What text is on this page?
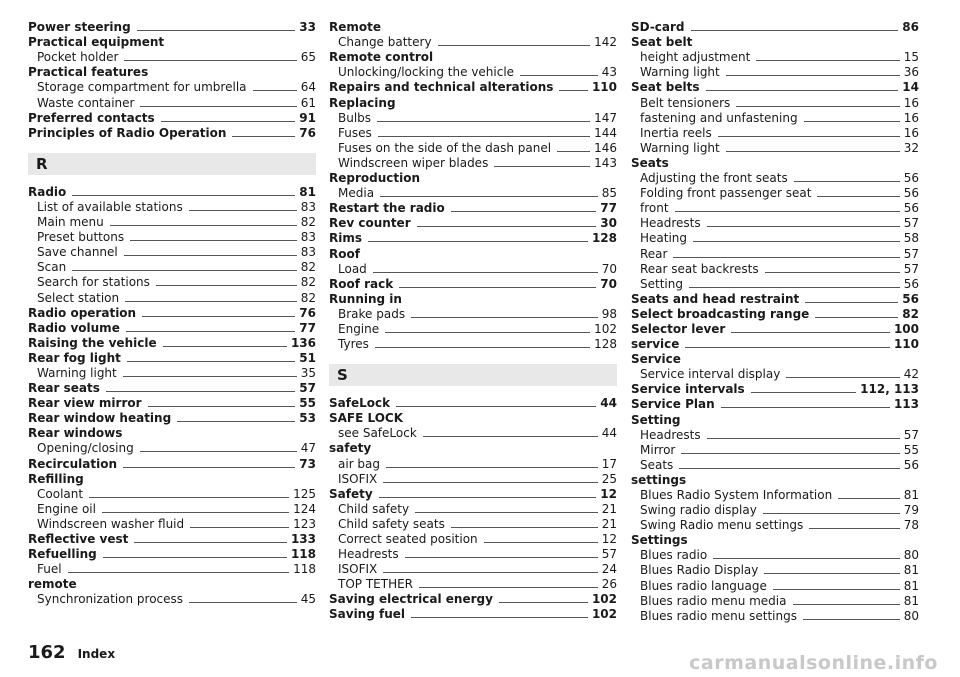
Power steering	33
Practical equipment
Pocket holder	65
Practical features
Storage compartment for umbrella	64
Waste container	61
Preferred contacts	91
Principles of Radio Operation	76
R
Radio	81
List of available stations	83
Main menu	82
Preset buttons	83
Save channel	83
Scan	82
Search for stations	82
Select station	82
Radio operation	76
Radio volume	77
Raising the vehicle	136
Rear fog light	51
Warning light	35
Rear seats	57
Rear view mirror	55
Rear window heating	53
Rear windows
Opening/closing	47
Recirculation	73
Refilling
Coolant	125
Engine oil	124
Windscreen washer fluid	123
Reflective vest	133
Refuelling	118
Fuel	118
remote
Synchronization process	45
Remote
Change battery	142
Remote control
Unlocking/locking the vehicle	43
Repairs and technical alterations	110
Replacing
Bulbs	147
Fuses	144
Fuses on the side of the dash panel	146
Windscreen wiper blades	143
Reproduction
Media	85
Restart the radio	77
Rev counter	30
Rims	128
Roof
Load	70
Roof rack	70
Running in
Brake pads	98
Engine	102
Tyres	128
S
SafeLock	44
SAFE LOCK
see SafeLock	44
safety
air bag	17
ISOFIX	25
Safety	12
Child safety	21
Child safety seats	21
Correct seated position	12
Headrests	57
ISOFIX	24
TOP TETHER	26
Saving electrical energy	102
Saving fuel	102
SD-card	86
Seat belt
height adjustment	15
Warning light	36
Seat belts	14
Belt tensioners	16
fastening and unfastening	16
Inertia reels	16
Warning light	32
Seats
Adjusting the front seats	56
Folding front passenger seat	56
front	56
Headrests	57
Heating	58
Rear	57
Rear seat backrests	57
Setting	56
Seats and head restraint	56
Select broadcasting range	82
Selector lever	100
service	110
Service
Service interval display	42
Service intervals	112, 113
Service Plan	113
Setting
Headrests	57
Mirror	55
Seats	56
settings
Blues Radio System Information	81
Swing radio display	79
Swing Radio menu settings	78
Settings
Blues radio	80
Blues Radio Display	81
Blues radio language	81
Blues radio menu media	81
Blues radio menu settings	80
162 Index	carmanualsonline.info
